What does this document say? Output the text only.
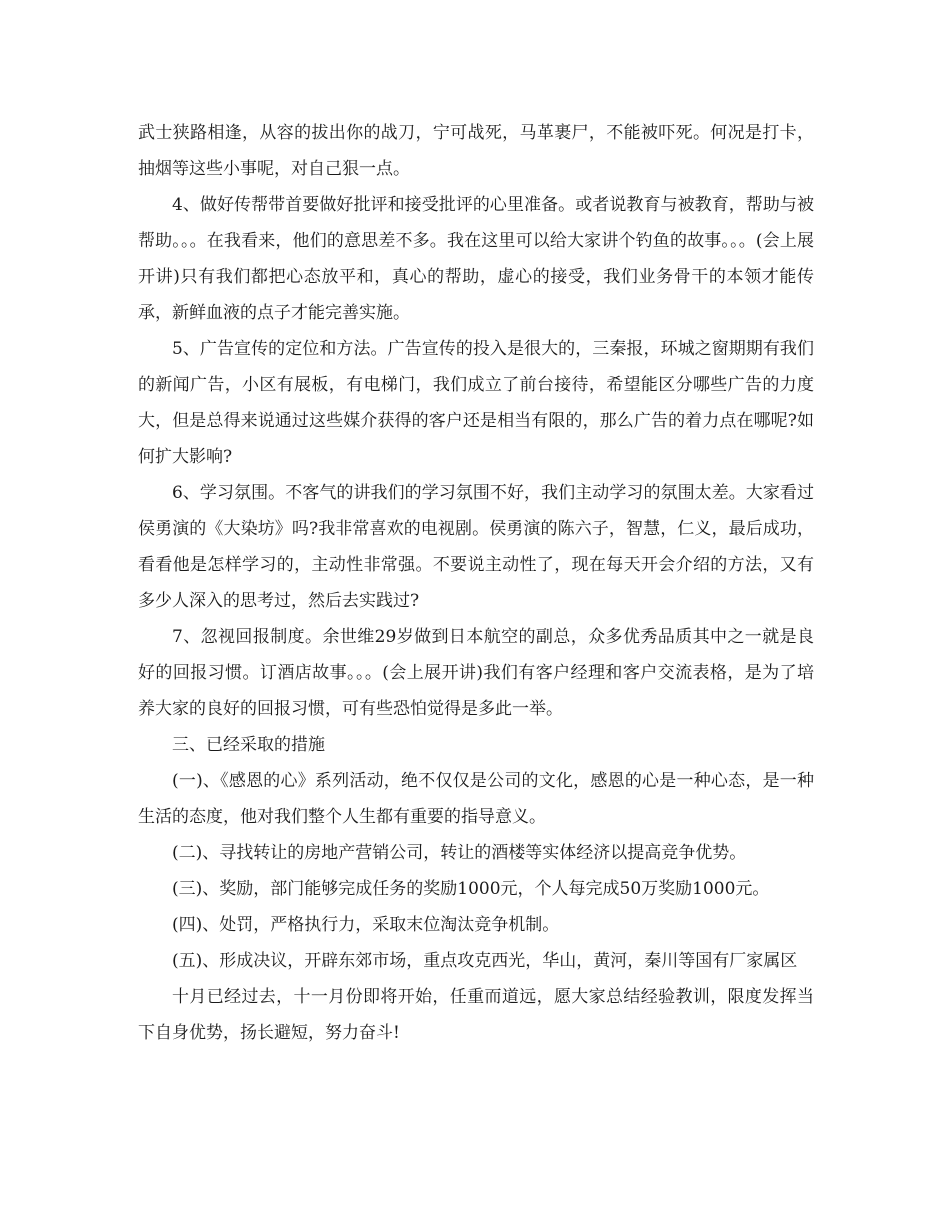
武士狭路相逢，从容的拔出你的战刀，宁可战死，马革裹尸，不能被吓死。何况是打卡，抽烟等这些小事呢，对自己狠一点。

4、做好传帮带首要做好批评和接受批评的心里准备。或者说教育与被教育，帮助与被帮助。。。在我看来，他们的意思差不多。我在这里可以给大家讲个钓鱼的故事。。。(会上展开讲)只有我们都把心态放平和，真心的帮助，虚心的接受，我们业务骨干的本领才能传承，新鲜血液的点子才能完善实施。

5、广告宣传的定位和方法。广告宣传的投入是很大的，三秦报，环城之窗期期有我们的新闻广告，小区有展板，有电梯门，我们成立了前台接待，希望能区分哪些广告的力度大，但是总得来说通过这些媒介获得的客户还是相当有限的，那么广告的着力点在哪呢?如何扩大影响?

6、学习氛围。不客气的讲我们的学习氛围不好，我们主动学习的氛围太差。大家看过侯勇演的《大染坊》吗?我非常喜欢的电视剧。侯勇演的陈六子，智慧，仁义，最后成功，看看他是怎样学习的，主动性非常强。不要说主动性了，现在每天开会介绍的方法，又有多少人深入的思考过，然后去实践过?

7、忽视回报制度。余世维29岁做到日本航空的副总，众多优秀品质其中之一就是良好的回报习惯。订酒店故事。。。(会上展开讲)我们有客户经理和客户交流表格，是为了培养大家的良好的回报习惯，可有些恐怕觉得是多此一举。

三、已经采取的措施

(一)、《感恩的心》系列活动，绝不仅仅是公司的文化，感恩的心是一种心态，是一种生活的态度，他对我们整个人生都有重要的指导意义。

(二)、寻找转让的房地产营销公司，转让的酒楼等实体经济以提高竞争优势。

(三)、奖励，部门能够完成任务的奖励1000元，个人每完成50万奖励1000元。

(四)、处罚，严格执行力，采取末位淘汰竞争机制。

(五)、形成决议，开辟东郊市场，重点攻克西光，华山，黄河，秦川等国有厂家属区

十月已经过去，十一月份即将开始，任重而道远，愿大家总结经验教训，限度发挥当下自身优势，扬长避短，努力奋斗!
